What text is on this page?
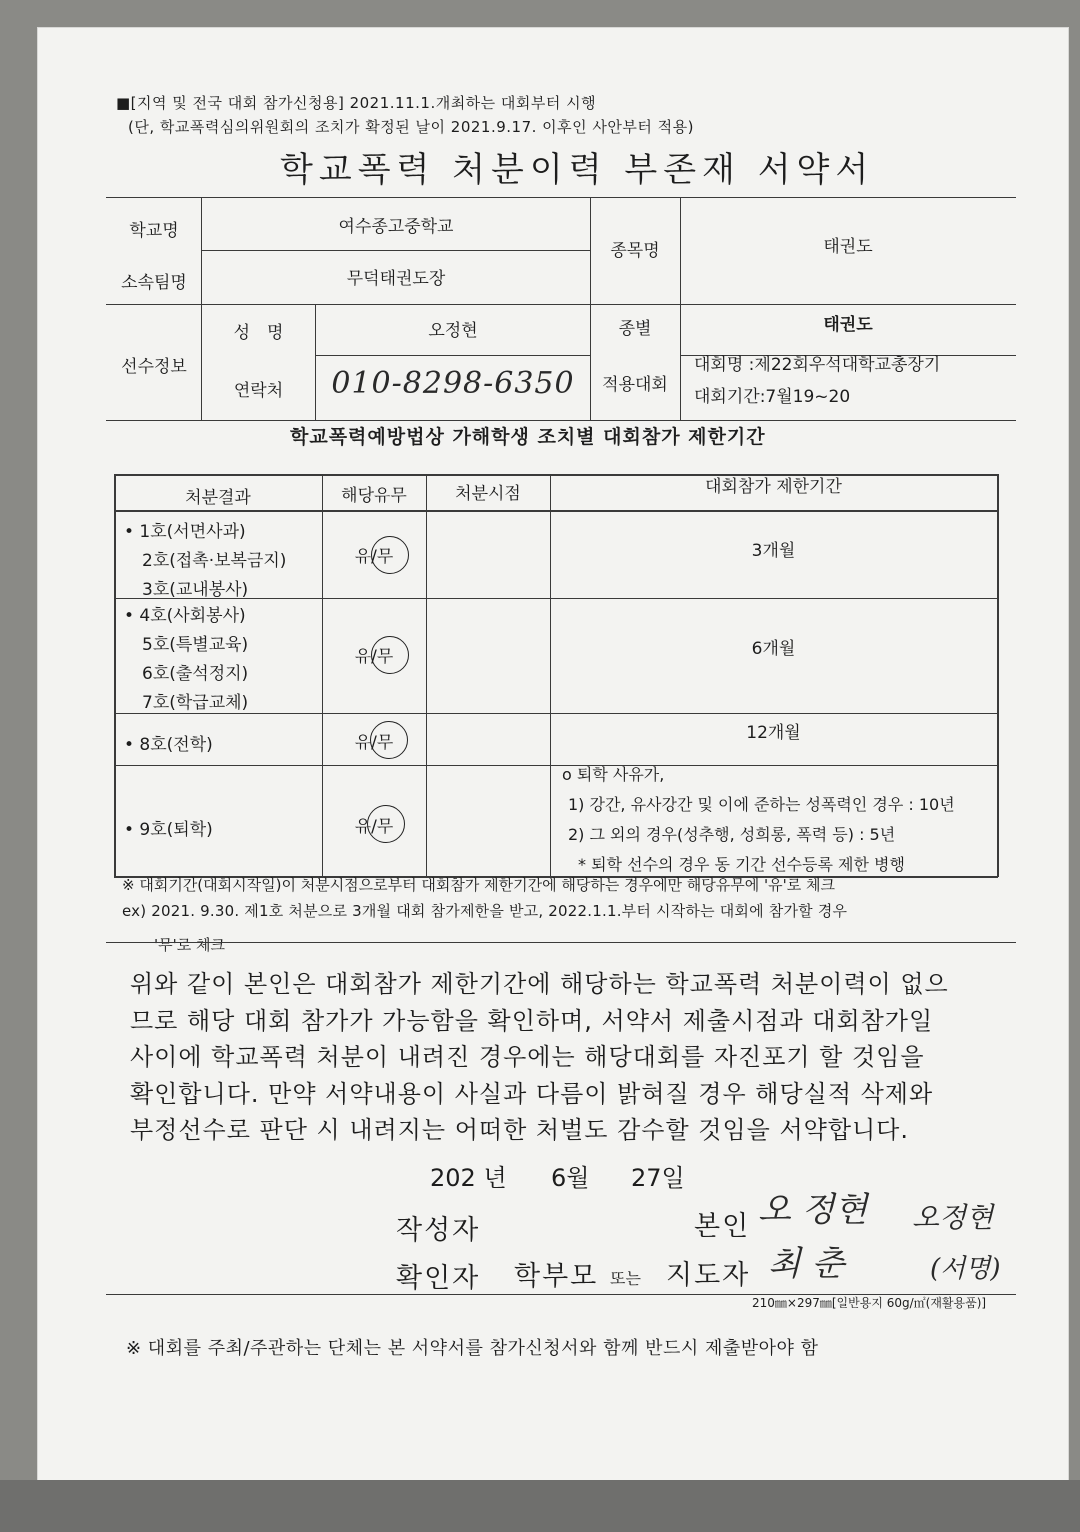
■[지역 및 전국 대회 참가신청용] 2021.11.1.개최하는 대회부터 시행
(단, 학교폭력심의위원회의 조치가 확정된 날이 2021.9.17. 이후인 사안부터 적용)
학교폭력 처분이력 부존재 서약서
학교명	여수종고중학교
소속팀명	무덕태권도장
종목명	태권도
선수정보
성　명	오정현	종별	태권도
연락처	010-8298-6350	적용대회
대회명 :제22회우석대학교총장기
대회기간:7월19~20
학교폭력예방법상 가해학생 조치별 대회참가 제한기간
처분결과	해당유무	처분시점	대회참가 제한기간
• 1호(서면사과)
2호(접촉·보복금지)
3호(교내봉사)
유/무	3개월
• 4호(사회봉사)
5호(특별교육)
6호(출석정지)
7호(학급교체)
유/무	6개월
• 8호(전학)	유/무	12개월
• 9호(퇴학)	유/무
o 퇴학 사유가,
1) 강간, 유사강간 및 이에 준하는 성폭력인 경우 : 10년
2) 그 외의 경우(성추행, 성희롱, 폭력 등) : 5년
* 퇴학 선수의 경우 동 기간 선수등록 제한 병행
※ 대회기간(대회시작일)이 처분시점으로부터 대회참가 제한기간에 해당하는 경우에만 해당유무에 '유'로 체크
ex) 2021. 9.30. 제1호 처분으로 3개월 대회 참가제한을 받고, 2022.1.1.부터 시작하는 대회에 참가할 경우
'무'로 체크
위와 같이 본인은 대회참가 제한기간에 해당하는 학교폭력 처분이력이 없으
므로 해당 대회 참가가 가능함을 확인하며, 서약서 제출시점과 대회참가일
사이에 학교폭력 처분이 내려진 경우에는 해당대회를 자진포기 할 것임을
확인합니다. 만약 서약내용이 사실과 다름이 밝혀질 경우 해당실적 삭제와
부정선수로 판단 시 내려지는 어떠한 처벌도 감수할 것임을 서약합니다.
202 년 6월 27일
작성자	본인 오 정현 오정현
확인자 학부모 또는 지도자 최 춘	(서명)
210㎜×297㎜[일반용지 60g/㎡(재활용품)]
※ 대회를 주최/주관하는 단체는 본 서약서를 참가신청서와 함께 반드시 제출받아야 함
